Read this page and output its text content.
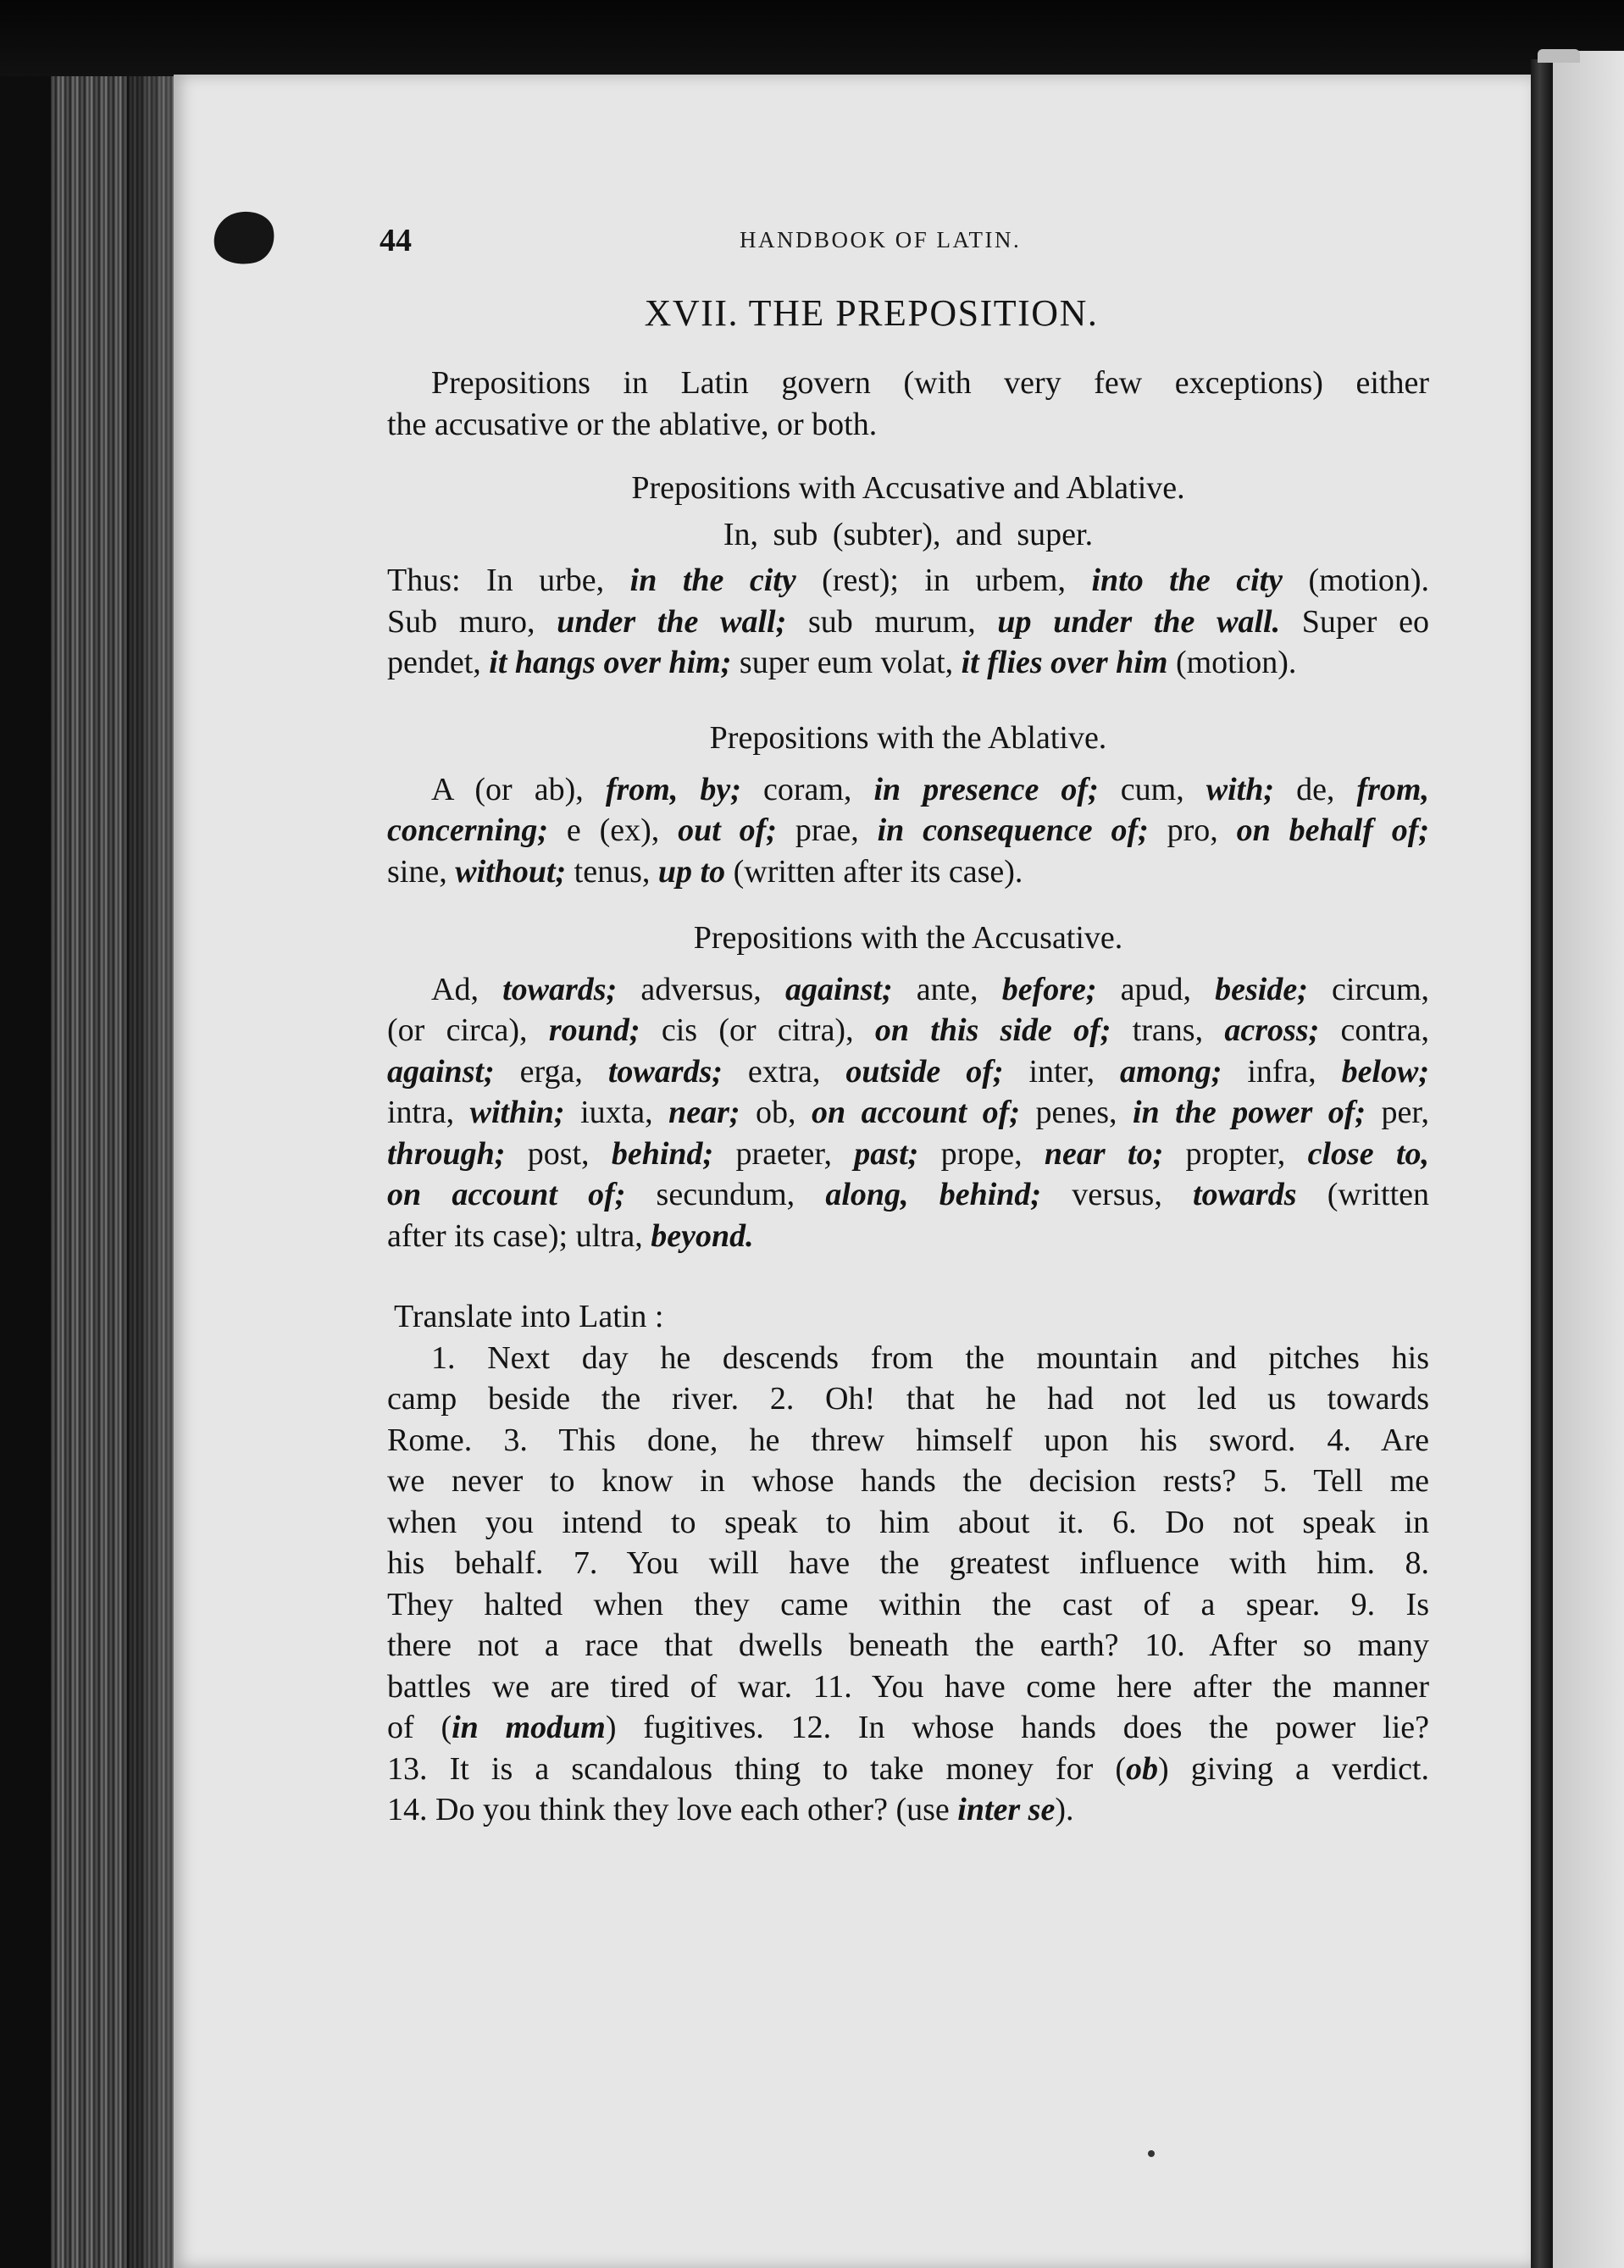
44	HANDBOOK OF LATIN.
XVII. THE PREPOSITION.
Prepositions in Latin govern (with very few exceptions) either
the accusative or the ablative, or both.

Prepositions with Accusative and Ablative.

In, sub (subter), and super.

Thus: In urbe, in the city (rest); in urbem, into the city (motion).
Sub muro, under the wall; sub murum, up under the wall. Super eo
pendet, it hangs over him; super eum volat, it flies over him (motion).

Prepositions with the Ablative.

A (or ab), from, by; coram, in presence of; cum, with; de, from,
concerning; e (ex), out of; prae, in consequence of; pro, on behalf of;
sine, without; tenus, up to (written after its case).

Prepositions with the Accusative.

Ad, towards; adversus, against; ante, before; apud, beside; circum,
(or circa), round; cis (or citra), on this side of; trans, across; contra,
against; erga, towards; extra, outside of; inter, among; infra, below;
intra, within; iuxta, near; ob, on account of; penes, in the power of; per,
through; post, behind; praeter, past; prope, near to; propter, close to,
on account of; secundum, along, behind; versus, towards (written
after its case); ultra, beyond.

Translate into Latin :

1. Next day he descends from the mountain and pitches his
camp beside the river. 2. Oh! that he had not led us towards
Rome. 3. This done, he threw himself upon his sword. 4. Are
we never to know in whose hands the decision rests? 5. Tell me
when you intend to speak to him about it. 6. Do not speak in
his behalf. 7. You will have the greatest influence with him. 8.
They halted when they came within the cast of a spear. 9. Is
there not a race that dwells beneath the earth? 10. After so many
battles we are tired of war. 11. You have come here after the manner
of (in modum) fugitives. 12. In whose hands does the power lie?
13. It is a scandalous thing to take money for (ob) giving a verdict.
14. Do you think they love each other? (use inter se).
